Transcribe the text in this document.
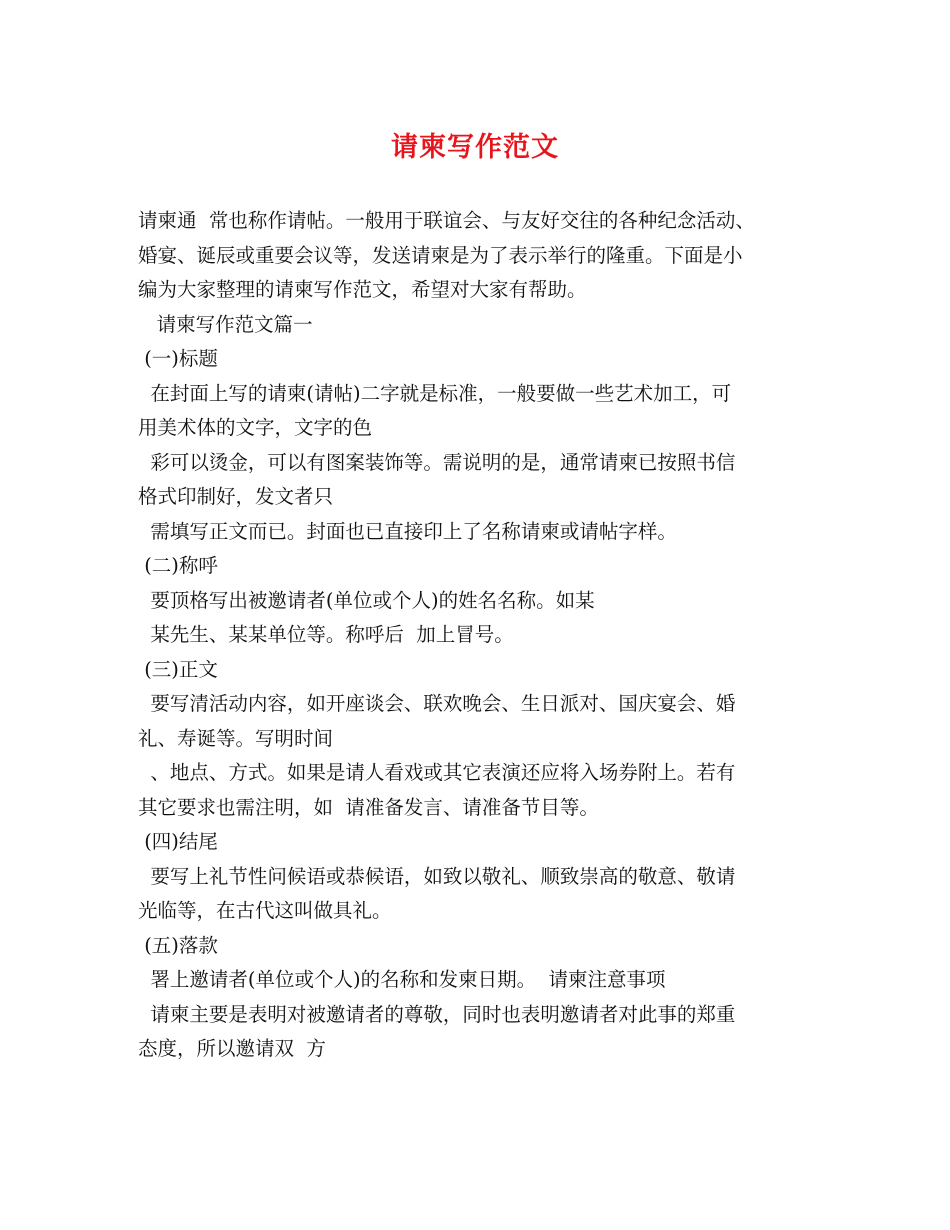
请柬写作范文
请柬通  常也称作请帖。一般用于联谊会、与友好交往的各种纪念活动、
婚宴、诞辰或重要会议等，发送请柬是为了表示举行的隆重。下面是小
编为大家整理的请柬写作范文，希望对大家有帮助。
请柬写作范文篇一
(一)标题
在封面上写的请柬(请帖)二字就是标准，一般要做一些艺术加工，可
用美术体的文字，文字的色
彩可以烫金，可以有图案装饰等。需说明的是，通常请柬已按照书信
格式印制好，发文者只
需填写正文而已。封面也已直接印上了名称请柬或请帖字样。
(二)称呼
要顶格写出被邀请者(单位或个人)的姓名名称。如某
某先生、某某单位等。称呼后  加上冒号。
(三)正文
要写清活动内容，如开座谈会、联欢晚会、生日派对、国庆宴会、婚
礼、寿诞等。写明时间
、地点、方式。如果是请人看戏或其它表演还应将入场券附上。若有
其它要求也需注明，如  请准备发言、请准备节目等。
(四)结尾
要写上礼节性问候语或恭候语，如致以敬礼、顺致崇高的敬意、敬请
光临等，在古代这叫做具礼。
(五)落款
署上邀请者(单位或个人)的名称和发柬日期。  请柬注意事项
请柬主要是表明对被邀请者的尊敬，同时也表明邀请者对此事的郑重
态度，所以邀请双  方
